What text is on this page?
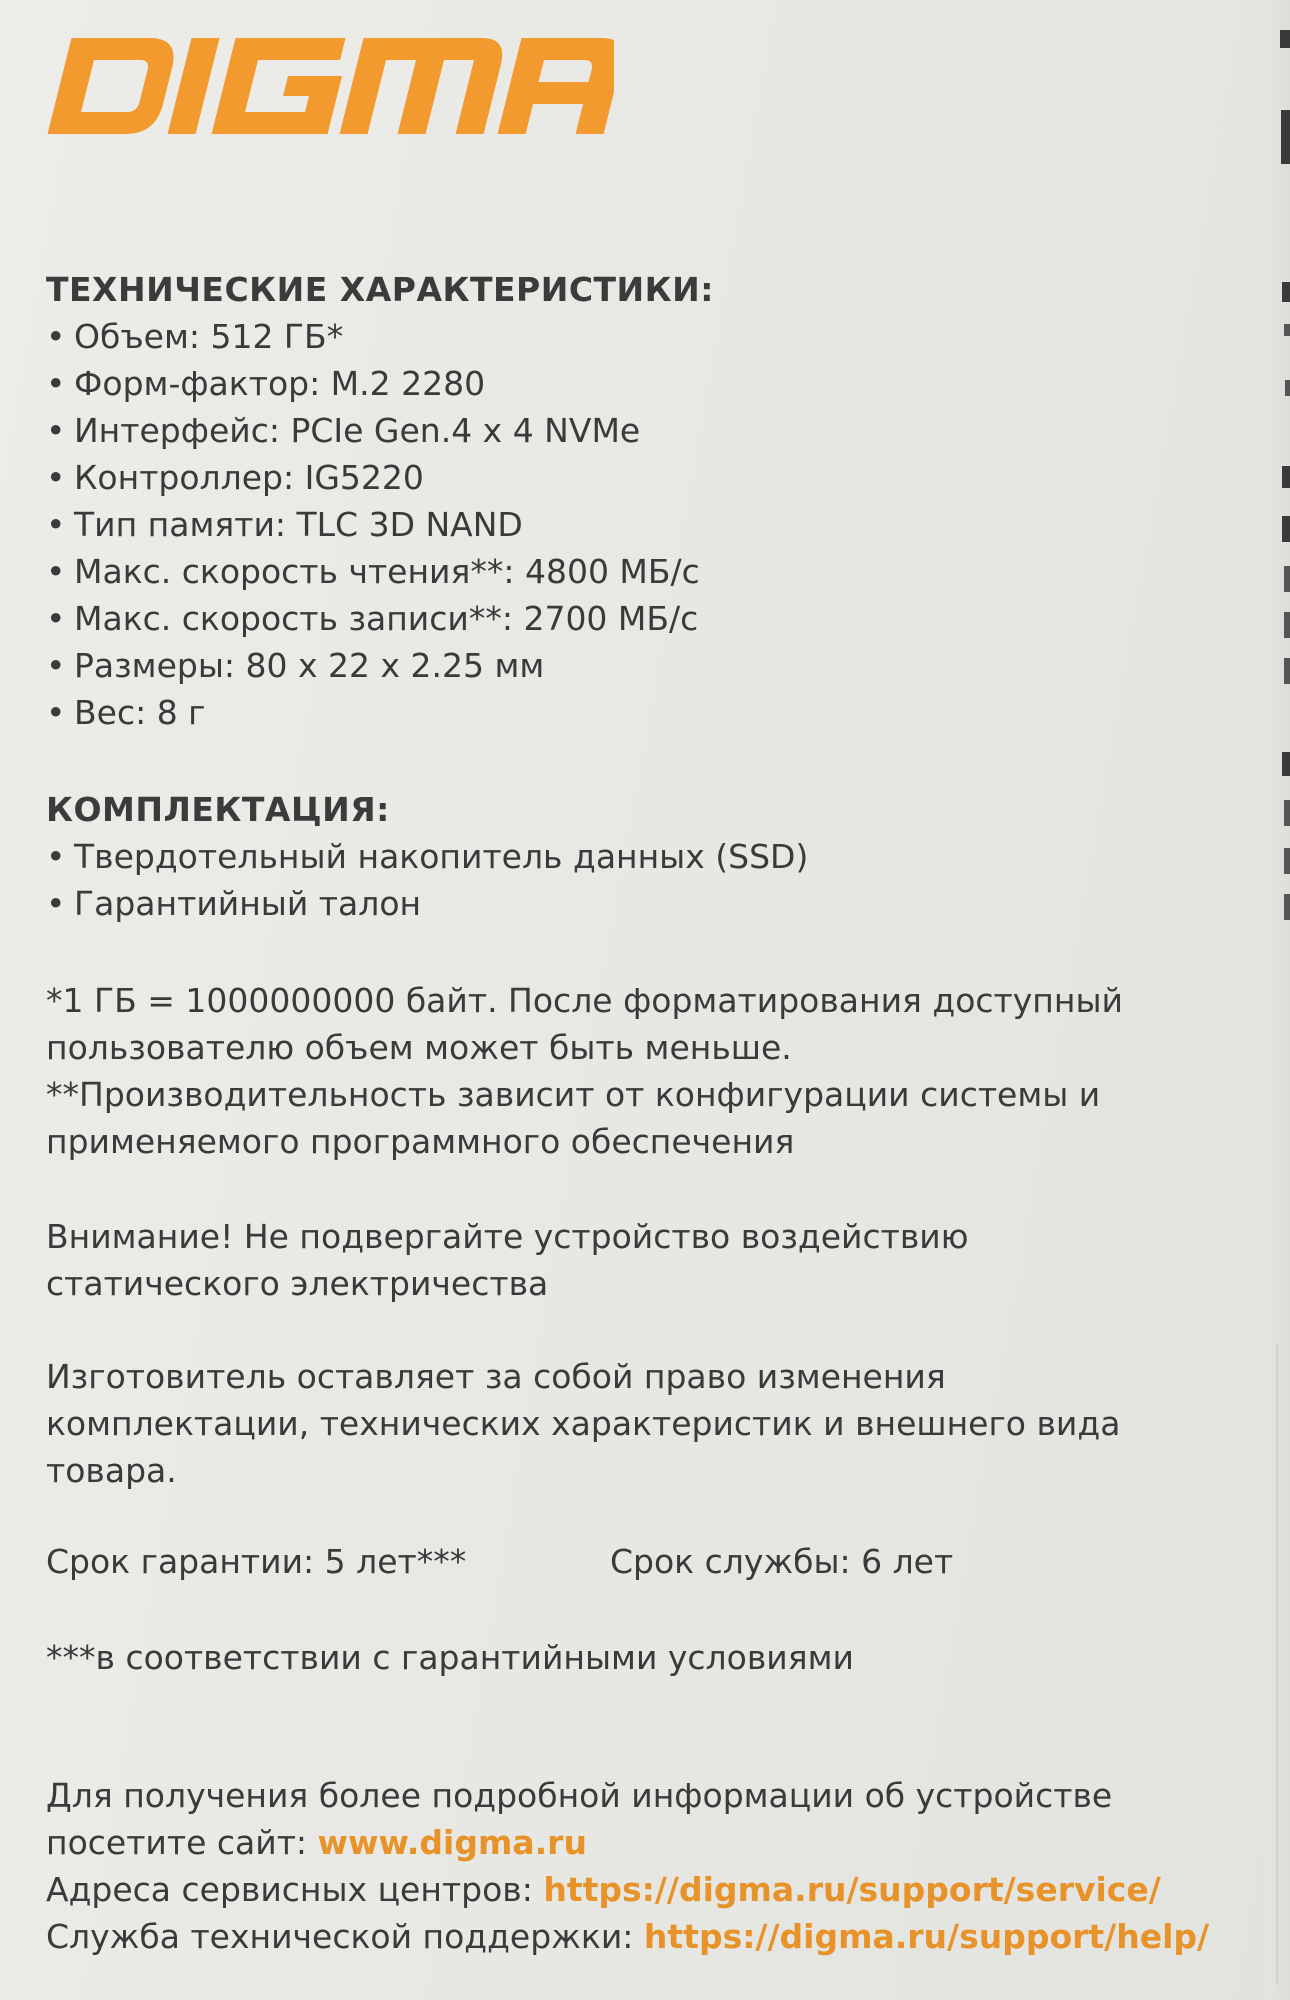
ТЕХНИЧЕСКИЕ ХАРАКТЕРИСТИКИ:

• Объем: 512 ГБ*

• Форм-фактор: M.2 2280

• Интерфейс: PCIe Gen.4 x 4 NVMe

• Контроллер: IG5220

• Тип памяти: TLC 3D NAND

• Макс. скорость чтения**: 4800 МБ/с

• Макс. скорость записи**: 2700 МБ/с

• Размеры: 80 x 22 x 2.25 мм

• Вес: 8 г

КОМПЛЕКТАЦИЯ:

• Твердотельный накопитель данных (SSD)

• Гарантийный талон

*1 ГБ = 1000000000 байт. После форматирования доступный

пользователю объем может быть меньше.

**Производительность зависит от конфигурации системы и

применяемого программного обеспечения

Внимание! Не подвергайте устройство воздействию

статического электричества

Изготовитель оставляет за собой право изменения

комплектации, технических характеристик и внешнего вида

товара.

Срок гарантии: 5 лет***	Срок службы: 6 лет

***в соответствии с гарантийными условиями

Для получения более подробной информации об устройстве

посетите сайт: www.digma.ru

Адреса сервисных центров: https://digma.ru/support/service/

Служба технической поддержки: https://digma.ru/support/help/
